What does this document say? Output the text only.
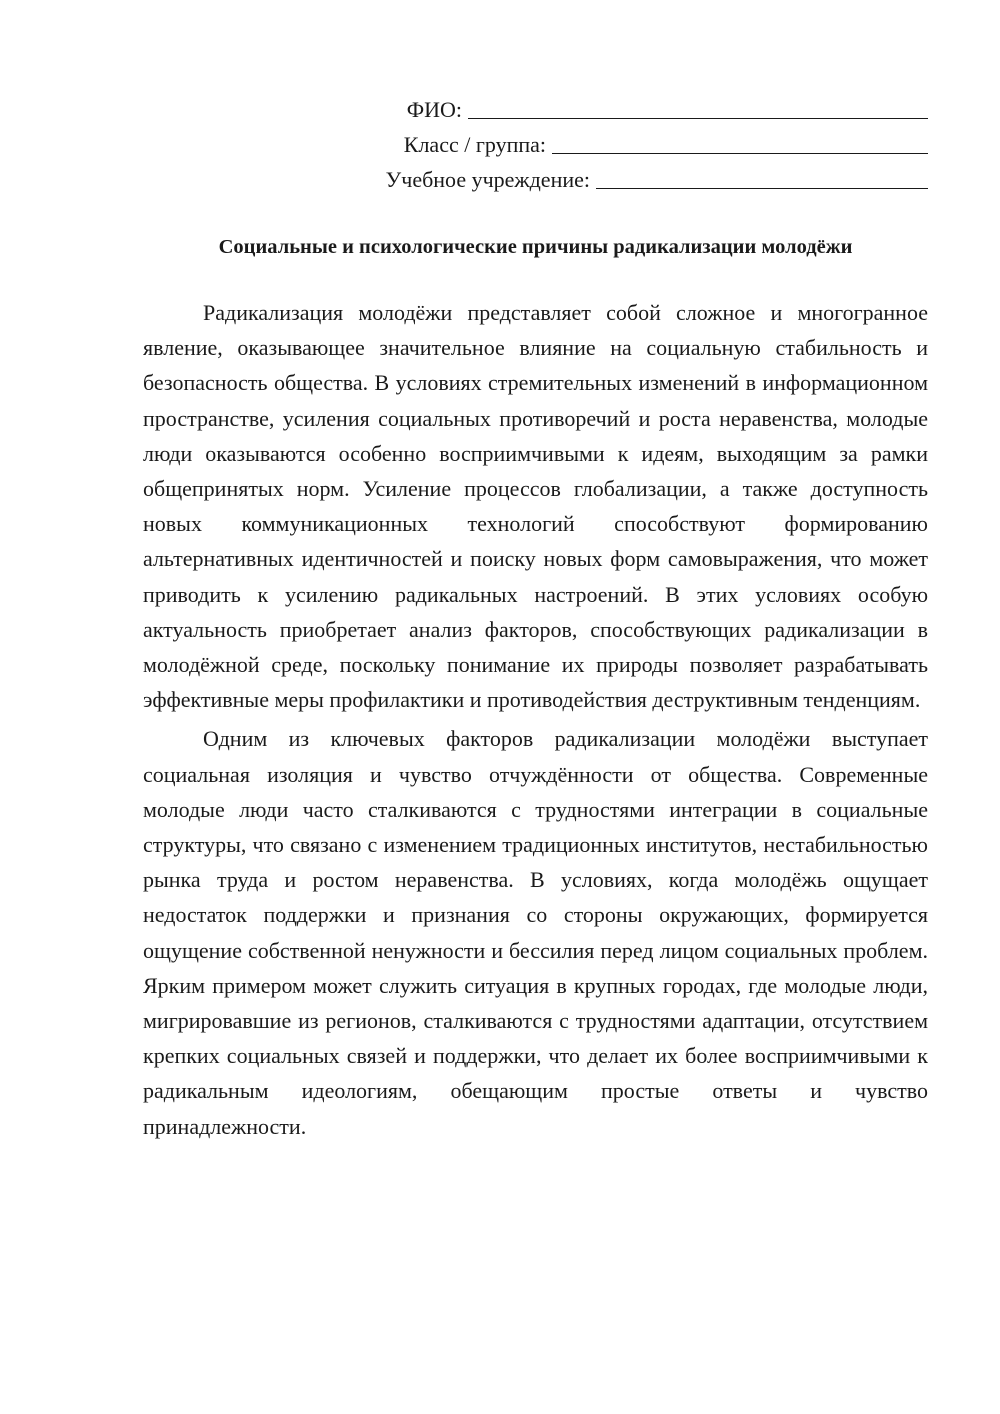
ФИО:
Класс / группа:
Учебное учреждение:
Социальные и психологические причины радикализации молодёжи

Радикализация молодёжи представляет собой сложное и многогранное явление, оказывающее значительное влияние на социальную стабильность и безопасность общества. В условиях стремительных изменений в информационном пространстве, усиления социальных противоречий и роста неравенства, молодые люди оказываются особенно восприимчивыми к идеям, выходящим за рамки общепринятых норм. Усиление процессов глобализации, а также доступность новых коммуникационных технологий способствуют формированию альтернативных идентичностей и поиску новых форм самовыражения, что может приводить к усилению радикальных настроений. В этих условиях особую актуальность приобретает анализ факторов, способствующих радикализации в молодёжной среде, поскольку понимание их природы позволяет разрабатывать эффективные меры профилактики и противодействия деструктивным тенденциям.

Одним из ключевых факторов радикализации молодёжи выступает социальная изоляция и чувство отчуждённости от общества. Современные молодые люди часто сталкиваются с трудностями интеграции в социальные структуры, что связано с изменением традиционных институтов, нестабильностью рынка труда и ростом неравенства. В условиях, когда молодёжь ощущает недостаток поддержки и признания со стороны окружающих, формируется ощущение собственной ненужности и бессилия перед лицом социальных проблем. Ярким примером может служить ситуация в крупных городах, где молодые люди, мигрировавшие из регионов, сталкиваются с трудностями адаптации, отсутствием крепких социальных связей и поддержки, что делает их более восприимчивыми к радикальным идеологиям, обещающим простые ответы и чувство принадлежности.
